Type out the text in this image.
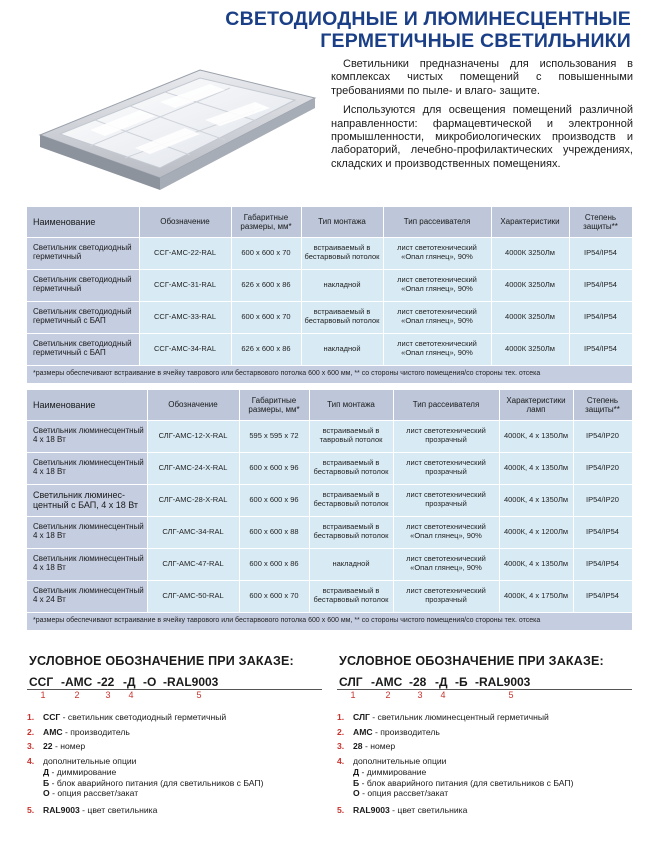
СВЕТОДИОДНЫЕ И ЛЮМИНЕСЦЕНТНЫЕ
ГЕРМЕТИЧНЫЕ СВЕТИЛЬНИКИ

Светильники предназначены для использования в комплексах чистых помещений с повышенными требованиями по пыле- и влаго- защите.

Используются для освещения помещений различной направленности: фармацевтической и электронной промышленности, микробиологических производств и лабораторий, лечебно-профилактических учреждениях, складских и производственных помещениях.

Наименование	Обозначение	Габаритные размеры, мм*	Тип монтажа	Тип рассеивателя	Характеристики	Степень защиты**
Светильник светодиодный герметичный	ССГ-АМС-22-RAL	600 х 600 х 70	встраиваемый в бестарвовый потолок	лист светотехнический «Опал глянец», 90%	4000К 3250Лм	IP54/IP54
Светильник светодиодный герметичный	ССГ-АМС-31-RAL	626 х 600 х 86	накладной	лист светотехнический «Опал глянец», 90%	4000К 3250Лм	IP54/IP54
Светильник светодиодный герметичный с БАП	ССГ-АМС-33-RAL	600 х 600 х 70	встраиваемый в бестарвовый потолок	лист светотехнический «Опал глянец», 90%	4000К 3250Лм	IP54/IP54
Светильник светодиодный герметичный с БАП	ССГ-АМС-34-RAL	626 х 600 х 86	накладной	лист светотехнический «Опал глянец», 90%	4000К 3250Лм	IP54/IP54
*размеры обеспечивают встраивание в ячейку таврового или бестарвового потолка 600 х 600 мм, ** со стороны чистого помещения/со стороны тех. отсека						
Наименование	Обозначение	Габаритные размеры, мм*	Тип монтажа	Тип рассеивателя	Характеристики ламп	Степень защиты**
Светильник люминесцентный 4 х 18 Вт	СЛГ-АМС-12-X-RAL	595 х 595 х 72	встраиваемый в тавровый потолок	лист светотехнический прозрачный	4000К, 4 х 1350Лм	IP54/IP20
Светильник люминесцентный 4 х 18 Вт	СЛГ-АМС-24-X-RAL	600 х 600 х 96	встраиваемый в бестарвовый потолок	лист светотехнический прозрачный	4000К, 4 х 1350Лм	IP54/IP20
Светильник люминес-центный с БАП, 4 х 18 Вт	СЛГ-АМС-28-X-RAL	600 х 600 х 96	встраиваемый в бестарвовый потолок	лист светотехнический прозрачный	4000К, 4 х 1350Лм	IP54/IP20
Светильник люминесцентный 4 х 18 Вт	СЛГ-АМС-34-RAL	600 х 600 х 88	встраиваемый в бестарвовый потолок	лист светотехнический «Опал глянец», 90%	4000К, 4 х 1200Лм	IP54/IP54
Светильник люминесцентный 4 х 18 Вт	СЛГ-АМС-47-RAL	600 х 600 х 86	накладной	лист светотехнический «Опал глянец», 90%	4000К, 4 х 1350Лм	IP54/IP54
Светильник люминесцентный 4 х 24 Вт	СЛГ-АМС-50-RAL	600 х 600 х 70	встраиваемый в бестарвовый потолок	лист светотехнический прозрачный	4000К, 4 х 1750Лм	IP54/IP54
*размеры обеспечивают встраивание в ячейку таврового или бестарвового потолка 600 х 600 мм, ** со стороны чистого помещения/со стороны тех. отсека						
УСЛОВНОЕ ОБОЗНАЧЕНИЕ ПРИ ЗАКАЗЕ:
ССГ -АМС -22 -Д -О -RAL9003
1	2	3	4	5
1.	ССГ - светильник светодиодный герметичный
2.	АМС - производитель
3.	22 - номер
4.	дополнительные опции
Д - диммирование
Б - блок аварийного питания (для светильников с БАП)
О - опция рассвет/закат
5.	RAL9003 - цвет светильника
УСЛОВНОЕ ОБОЗНАЧЕНИЕ ПРИ ЗАКАЗЕ:
СЛГ -АМС -28 -Д -Б -RAL9003
1	2	3	4	5
1.	СЛГ - светильник люминесцентный герметичный
2.	АМС - производитель
3.	28 - номер
4.	дополнительные опции
Д - диммирование
Б - блок аварийного питания (для светильников с БАП)
О - опция рассвет/закат
5.	RAL9003 - цвет светильника
